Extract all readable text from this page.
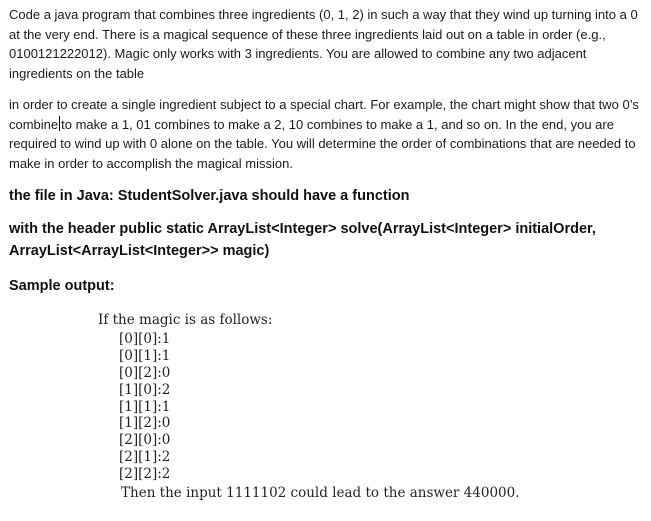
Code a java program that combines three ingredients (0, 1, 2) in such a way that they wind up turning into a 0 at the very end. There is a magical sequence of these three ingredients laid out on a table in order (e.g., 0100121222012). Magic only works with 3 ingredients. You are allowed to combine any two adjacent ingredients on the table

in order to create a single ingredient subject to a special chart. For example, the chart might show that two 0’s combine to make a 1, 01 combines to make a 2, 10 combines to make a 1, and so on. In the end, you are required to wind up with 0 alone on the table. You will determine the order of combinations that are needed to make in order to accomplish the magical mission.

the file in Java: StudentSolver.java should have a function

with the header public static ArrayList<Integer> solve(ArrayList<Integer> initialOrder, ArrayList<ArrayList<Integer>> magic)

Sample output:

If the magic is as follows:
[0][0]:1
[0][1]:1
[0][2]:0
[1][0]:2
[1][1]:1
[1][2]:0
[2][0]:0
[2][1]:2
[2][2]:2
Then the input 1111102 could lead to the answer 440000.
